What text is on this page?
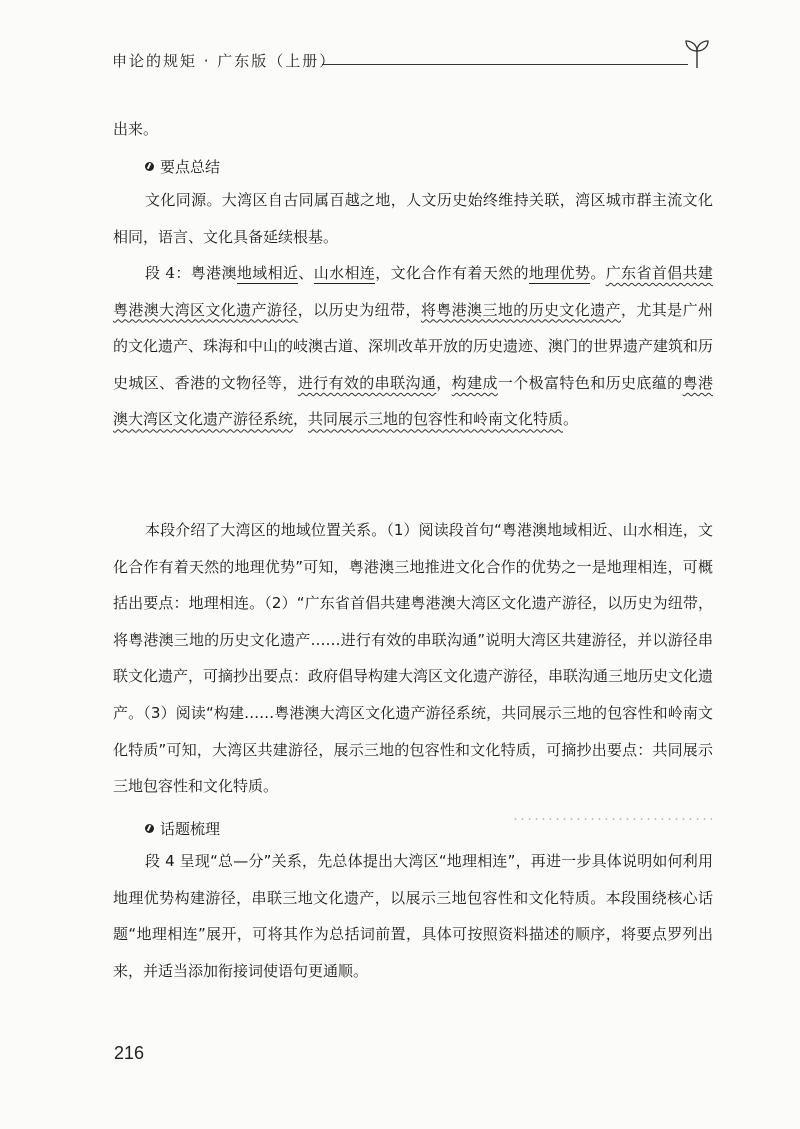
申论的规矩 · 广东版（上册）

出来。

要点总结

文化同源。大湾区自古同属百越之地，人文历史始终维持关联，湾区城市群主流文化相同，语言、文化具备延续根基。

段 4：粤港澳地域相近、山水相连，文化合作有着天然的地理优势。广东省首倡共建粤港澳大湾区文化遗产游径，以历史为纽带，将粤港澳三地的历史文化遗产，尤其是广州的文化遗产、珠海和中山的岐澳古道、深圳改革开放的历史遗迹、澳门的世界遗产建筑和历史城区、香港的文物径等，进行有效的串联沟通，构建成一个极富特色和历史底蕴的粤港澳大湾区文化遗产游径系统，共同展示三地的包容性和岭南文化特质。

本段介绍了大湾区的地域位置关系。（1）阅读段首句“粤港澳地域相近、山水相连，文化合作有着天然的地理优势”可知，粤港澳三地推进文化合作的优势之一是地理相连，可概括出要点：地理相连。（2）“广东省首倡共建粤港澳大湾区文化遗产游径，以历史为纽带，将粤港澳三地的历史文化遗产……进行有效的串联沟通”说明大湾区共建游径，并以游径串联文化遗产，可摘抄出要点：政府倡导构建大湾区文化遗产游径，串联沟通三地历史文化遗产。（3）阅读“构建……粤港澳大湾区文化遗产游径系统，共同展示三地的包容性和岭南文化特质”可知，大湾区共建游径，展示三地的包容性和文化特质，可摘抄出要点：共同展示三地包容性和文化特质。

话题梳理

段 4 呈现“总—分”关系，先总体提出大湾区“地理相连”，再进一步具体说明如何利用地理优势构建游径，串联三地文化遗产，以展示三地包容性和文化特质。本段围绕核心话题“地理相连”展开，可将其作为总括词前置，具体可按照资料描述的顺序，将要点罗列出来，并适当添加衔接词使语句更通顺。

216
